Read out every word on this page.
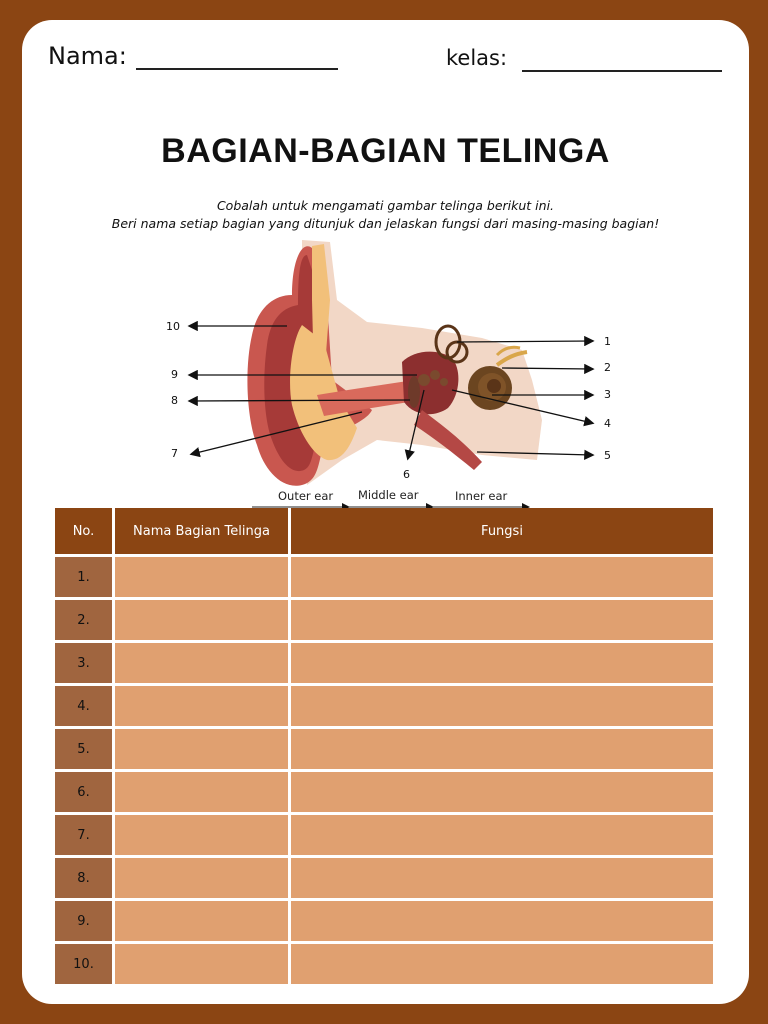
Nama:	kelas:
BAGIAN-BAGIAN TELINGA
Cobalah untuk mengamati gambar telinga berikut ini.
Beri nama setiap bagian yang ditunjuk dan jelaskan fungsi dari masing-masing bagian!
1
2
3
4
5
6
7
8
9
10
Outer ear Middle ear	Inner ear
No.	Nama Bagian Telinga	Fungsi
1.		
2.		
3.		
4.		
5.		
6.		
7.		
8.		
9.		
10.		
